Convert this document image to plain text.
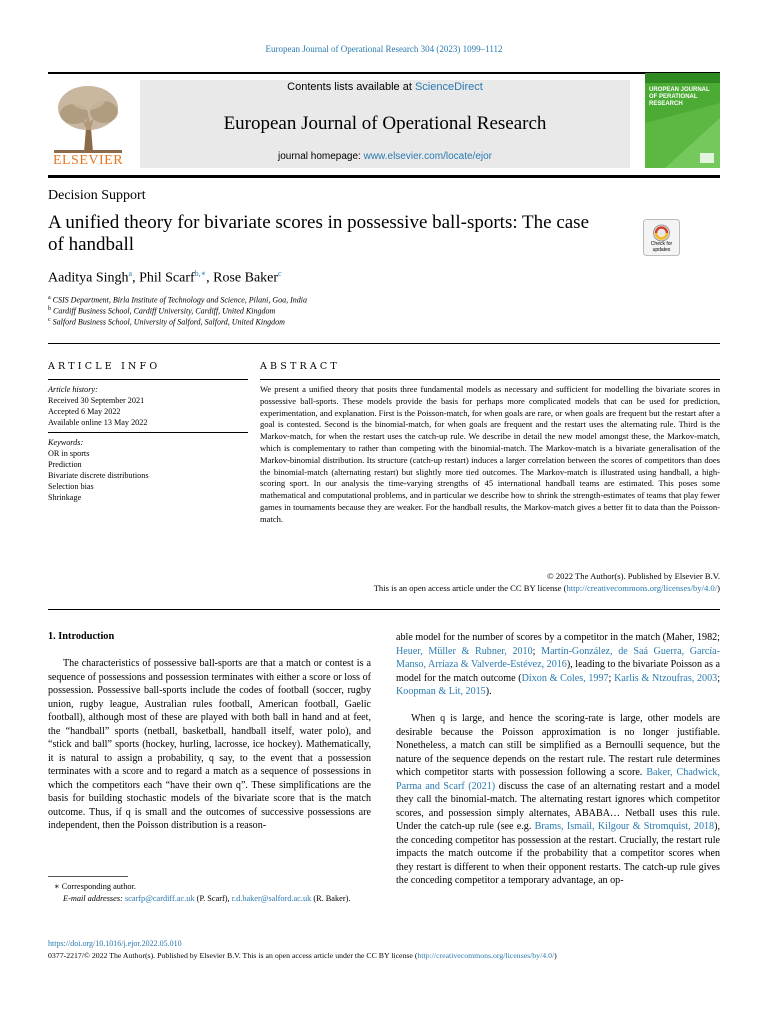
European Journal of Operational Research 304 (2023) 1099–1112
ELSEVIER
Contents lists available at ScienceDirect
European Journal of Operational Research
journal homepage: www.elsevier.com/locate/ejor
UROPEAN JOURNAL OF PERATIONAL RESEARCH
Decision Support
A unified theory for bivariate scores in possessive ball-sports: The case of handball	Check for updates
Aaditya Singh$^a$, Phil Scarf$^{b,∗}$, Rose Baker$^c$
$^a$ CSIS Department, Birla Institute of Technology and Science, Pilani, Goa, India
$^b$ Cardiff Business School, Cardiff University, Cardiff, United Kingdom
$^c$ Salford Business School, University of Salford, Salford, United Kingdom
ARTICLE INFO
Article history:
Received 30 September 2021
Accepted 6 May 2022
Available online 13 May 2022
Keywords:
OR in sports
Prediction
Bivariate discrete distributions
Selection bias
Shrinkage
ABSTRACT
We present a unified theory that posits three fundamental models as necessary and sufficient for modelling the bivariate scores in possessive ball-sports. These models provide the basis for perhaps more complicated models that can be used for prediction, experimentation, and explanation. First is the Poisson-match, for when goals are rare, or when goals are frequent but the restart after a goal is contested. Second is the binomial-match, for when goals are frequent and the restart uses the alternating rule. Third is the Markov-match, for when the restart uses the catch-up rule. We describe in detail the new model amongst these, the Markov-match, which is complementary to rather than competing with the binomial-match. The Markov-match is a bivariate generalisation of the Markov-binomial distribution. Its structure (catch-up restart) induces a larger correlation between the scores of competitors than does the binomial-match (alternating restart) but slightly more tied outcomes. The Markov-match is illustrated using handball, a high-scoring sport. In our analysis the time-varying strengths of 45 international handball teams are estimated. This poses some mathematical and computational problems, and in particular we describe how to shrink the strength-estimates of teams that play fewer games in tournaments because they are weaker. For the handball results, the Markov-match gives a better fit to data than the Poisson-match.
© 2022 The Author(s). Published by Elsevier B.V.
This is an open access article under the CC BY license (http://creativecommons.org/licenses/by/4.0/)
1. Introduction
The characteristics of possessive ball-sports are that a match or contest is a sequence of possessions and possession terminates with either a score or loss of possession. Possessive ball-sports include the codes of football (soccer, rugby union, rugby league, Australian rules football, American football, Gaelic football), although most of these are played with both ball in hand and at feet, the “handball” sports (netball, basketball, handball itself, water polo), and “stick and ball” sports (hockey, hurling, lacrosse, ice hockey). Mathematically, it is natural to assign a probability, q say, to the event that a possession terminates with a score and to regard a match as a sequence of possessions in which the competitors each “have their own q”. These simplifications are the basis for building stochastic models of the bivariate score that is the match outcome. Thus, if q is small and the outcomes of successive possessions are independent, then the Poisson distribution is a reason-
∗ Corresponding author.
E-mail addresses: scarfp@cardiff.ac.uk (P. Scarf), r.d.baker@salford.ac.uk (R. Baker).
able model for the number of scores by a competitor in the match (Maher, 1982; Heuer, Müller & Rubner, 2010; Martín-González, de Saá Guerra, García-Manso, Arriaza & Valverde-Estévez, 2016), leading to the bivariate Poisson as a model for the match outcome (Dixon & Coles, 1997; Karlis & Ntzoufras, 2003; Koopman & Lit, 2015).
When q is large, and hence the scoring-rate is large, other models are desirable because the Poisson approximation is no longer justifiable. Nonetheless, a match can still be simplified as a Bernoulli sequence, but the nature of the sequence depends on the restart rule. The restart rule determines which competitor starts with possession following a score. Baker, Chadwick, Parma and Scarf (2021) discuss the case of an alternating restart and a model they call the binomial-match. The alternating restart ignores which competitor scores, and possession simply alternates, ABABA… Netball uses this rule. Under the catch-up rule (see e.g. Brams, Ismail, Kilgour & Stromquist, 2018), the conceding competitor has possession at the restart. Crucially, the restart rule impacts the match outcome if the probability that a competitor scores when they restart is different to when their opponent restarts. The catch-up rule gives the conceding competitor a temporary advantage, an op-
https://doi.org/10.1016/j.ejor.2022.05.010
0377-2217/© 2022 The Author(s). Published by Elsevier B.V. This is an open access article under the CC BY license (http://creativecommons.org/licenses/by/4.0/)
